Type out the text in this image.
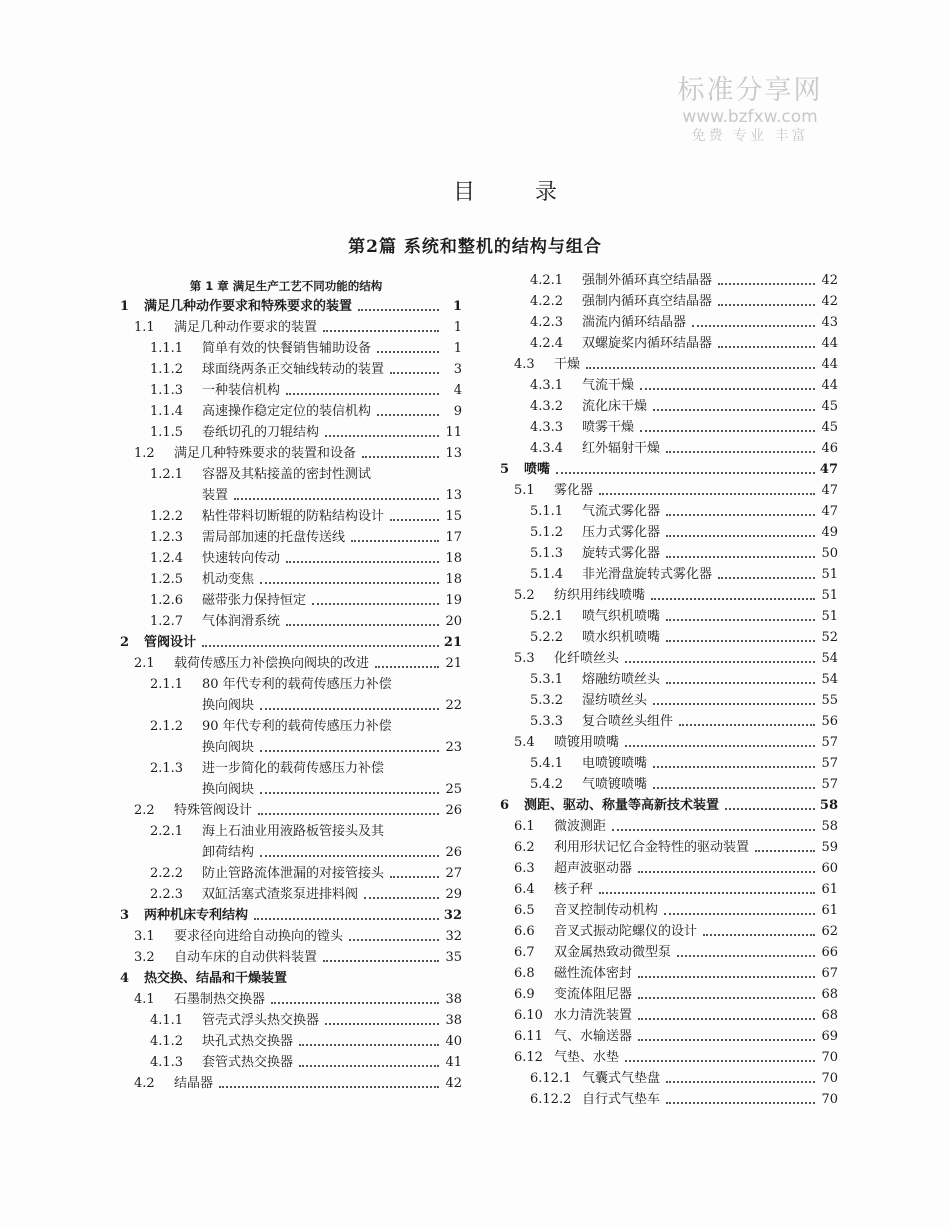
标准分享网
www.bzfxw.com
免费 专业 丰富
目录
第2篇 系统和整机的结构与组合
第 1 章 满足生产工艺不同功能的结构
1	满足几种动作要求和特殊要求的装置	1
1.1	满足几种动作要求的装置	1
1.1.1	简单有效的快餐销售辅助设备	1
1.1.2	球面绕两条正交轴线转动的装置	3
1.1.3	一种装信机构	4
1.1.4	高速操作稳定定位的装信机构	9
1.1.5	卷纸切孔的刀辊结构	11
1.2	满足几种特殊要求的装置和设备	13
1.2.1	容器及其粘接盖的密封性测试
装置	13
1.2.2	粘性带料切断辊的防粘结构设计	15
1.2.3	需局部加速的托盘传送线	17
1.2.4	快速转向传动	18
1.2.5	机动变焦	18
1.2.6	磁带张力保持恒定	19
1.2.7	气体润滑系统	20
2	管阀设计	21
2.1	载荷传感压力补偿换向阀块的改进	21
2.1.1	80 年代专利的载荷传感压力补偿
换向阀块	22
2.1.2	90 年代专利的载荷传感压力补偿
换向阀块	23
2.1.3	进一步简化的载荷传感压力补偿
换向阀块	25
2.2	特殊管阀设计	26
2.2.1	海上石油业用液路板管接头及其
卸荷结构	26
2.2.2	防止管路流体泄漏的对接管接头	27
2.2.3	双缸活塞式渣浆泵进排料阀	29
3	两种机床专利结构	32
3.1	要求径向进给自动换向的镗头	32
3.2	自动车床的自动供料装置	35
4	热交换、结晶和干燥装置
4.1	石墨制热交换器	38
4.1.1	管壳式浮头热交换器	38
4.1.2	块孔式热交换器	40
4.1.3	套管式热交换器	41
4.2	结晶器	42
4.2.1	强制外循环真空结晶器	42
4.2.2	强制内循环真空结晶器	42
4.2.3	湍流内循环结晶器	43
4.2.4	双螺旋桨内循环结晶器	44
4.3	干燥	44
4.3.1	气流干燥	44
4.3.2	流化床干燥	45
4.3.3	喷雾干燥	45
4.3.4	红外辐射干燥	46
5	喷嘴	47
5.1	雾化器	47
5.1.1	气流式雾化器	47
5.1.2	压力式雾化器	49
5.1.3	旋转式雾化器	50
5.1.4	非光滑盘旋转式雾化器	51
5.2	纺织用纬线喷嘴	51
5.2.1	喷气织机喷嘴	51
5.2.2	喷水织机喷嘴	52
5.3	化纤喷丝头	54
5.3.1	熔融纺喷丝头	54
5.3.2	湿纺喷丝头	55
5.3.3	复合喷丝头组件	56
5.4	喷镀用喷嘴	57
5.4.1	电喷镀喷嘴	57
5.4.2	气喷镀喷嘴	57
6	测距、驱动、称量等高新技术装置	58
6.1	微波测距	58
6.2	利用形状记忆合金特性的驱动装置	59
6.3	超声波驱动器	60
6.4	核子秤	61
6.5	音叉控制传动机构	61
6.6	音叉式振动陀螺仪的设计	62
6.7	双金属热致动微型泵	66
6.8	磁性流体密封	67
6.9	变流体阻尼器	68
6.10 水力清洗装置	68
6.11 气、水输送器	69
6.12 气垫、水垫	70
6.12.1 气囊式气垫盘	70
6.12.2 自行式气垫车	70
